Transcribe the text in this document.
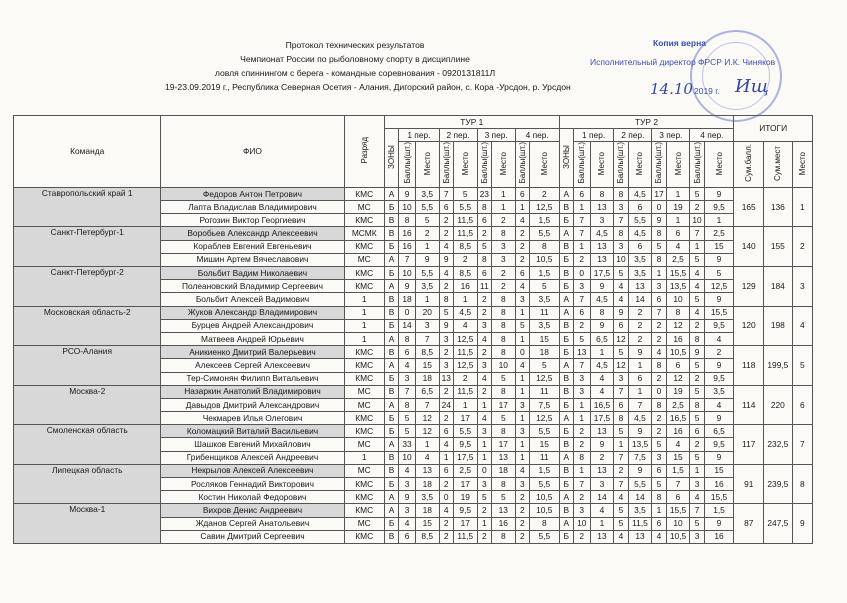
Протокол технических результатов
Чемпионат России по рыболовному спорту в дисциплине
ловля спиннингом с берега - командные соревнования - 0920131811Л
19-23.09.2019 г., Республика Северная Осетия - Алания, Дигорский район, с. Кора -Урсдон, р. Урсдон
Копия верна
Исполнительный директор ФРСР И.К. Чиняков
14.10 2019 г. Ищ
Команда	ФИО	Разряд	ТУР 1									ТУР 2									ИТОГИ		
			ЗОНЫ	1 пер.		2 пер.		3 пер.		4 пер.		ЗОНЫ	1 пер.		2 пер.		3 пер.		4 пер.				
				Баллы(шт.)	Место	Баллы(шт.)	Место	Баллы(шт.)	Место	Баллы(шт.)	Место		Баллы(шт.)	Место	Баллы(шт.)	Место	Баллы(шт.)	Место	Баллы(шт.)	Место	Сум.балл.	Сум.мест	Место
Ставропольский край 1	Федоров Антон Петрович	КМС	А	9	3,5	7	5	23	1	6	2	А	6	8	8	4,5	17	1	5	9	165	136	1
	Лапта Владислав Владимирович	МС	Б	10	5,5	6	5,5	8	1	1	12,5	В	1	13	3	6	0	19	2	9,5			
	Рогозин Виктор Георгиевич	КМС	В	8	5	2	11,5	6	2	4	1,5	Б	7	3	7	5,5	9	1	10	1			
Санкт-Петербург-1	Воробьев Александр Алексеевич	МСМК	В	16	2	2	11,5	2	8	2	5,5	А	7	4,5	8	4,5	8	6	7	2,5	140	155	2
	Кораблев Евгений Евгеньевич	КМС	Б	16	1	4	8,5	5	3	2	8	В	1	13	3	6	5	4	1	15			
	Мишин Артем Вячеславович	МС	А	7	9	9	2	8	3	2	10,5	Б	2	13	10	3,5	8	2,5	5	9			
Санкт-Петербург-2	Больбит Вадим Николаевич	КМС	Б	10	5,5	4	8,5	6	2	6	1,5	В	0	17,5	5	3,5	1	15,5	4	5	129	184	3
	Полеановский Владимир Сергеевич	КМС	А	9	3,5	2	16	11	2	4	5	Б	3	9	4	13	3	13,5	4	12,5			
	Больбит Алексей Вадимович	1	В	18	1	8	1	2	8	3	3,5	А	7	4,5	4	14	6	10	5	9			
Московская область-2	Жуков Александр Владимирович	1	В	0	20	5	4,5	2	8	1	11	А	6	8	9	2	7	8	4	15,5	120	198	4
	Бурцев Андрей Александрович	1	Б	14	3	9	4	3	8	5	3,5	В	2	9	6	2	2	12	2	9,5			
	Матвеев Андрей Юрьевич	1	А	8	7	3	12,5	4	8	1	15	Б	5	6,5	12	2	2	16	8	4			
РСО-Алания	Аникиенко Дмитрий Валерьевич	КМС	В	6	8,5	2	11,5	2	8	0	18	Б	13	1	5	9	4	10,5	9	2	118	199,5	5
	Алексеев Сергей Алексеевич	КМС	А	4	15	3	12,5	3	10	4	5	А	7	4,5	12	1	8	6	5	9			
	Тер-Симонян Филипп Витальевич	КМС	Б	3	18	13	2	4	5	1	12,5	В	3	4	3	6	2	12	2	9,5			
Москва-2	Назаркин Анатолий Владимирович	МС	В	7	6,5	2	11,5	2	8	1	11	В	3	4	7	1	0	19	5	3,5	114	220	6
	Давыдов Дмитрий Александрович	МС	А	8	7	24	1	1	17	3	7,5	Б	1	16,5	6	7	8	2,5	8	4			
	Чекмарев Илья Олегович	КМС	Б	5	12	2	17	4	5	1	12,5	А	1	17,5	8	4,5	2	16,5	5	9			
Смоленская область	Коломацкий Виталий Васильевич	КМС	Б	5	12	6	5,5	3	8	3	5,5	Б	2	13	5	9	2	16	6	6,5	117	232,5	7
	Шашков Евгений Михайлович	МС	А	33	1	4	9,5	1	17	1	15	В	2	9	1	13,5	5	4	2	9,5			
	Грибенщиков Алексей Андреевич	1	В	10	4	1	17,5	1	13	1	11	А	8	2	7	7,5	3	15	5	9			
Липецкая область	Некрылов Алексей Алексеевич	МС	В	4	13	6	2,5	0	18	4	1,5	В	1	13	2	9	6	1,5	1	15	91	239,5	8
	Росляков Геннадий Викторович	КМС	Б	3	18	2	17	3	8	3	5,5	Б	7	3	7	5,5	5	7	3	16			
	Костин Николай Федорович	КМС	А	9	3,5	0	19	5	5	2	10,5	А	2	14	4	14	8	6	4	15,5			
Москва-1	Вихров Денис Андреевич	КМС	А	3	18	4	9,5	2	13	2	10,5	В	3	4	5	3,5	1	15,5	7	1,5	87	247,5	9
	Жданов Сергей Анатольевич	МС	Б	4	15	2	17	1	16	2	8	А	10	1	5	11,5	6	10	5	9			
	Савин Дмитрий Сергеевич	КМС	В	6	8,5	2	11,5	2	8	2	5,5	Б	2	13	4	13	4	10,5	3	16			
